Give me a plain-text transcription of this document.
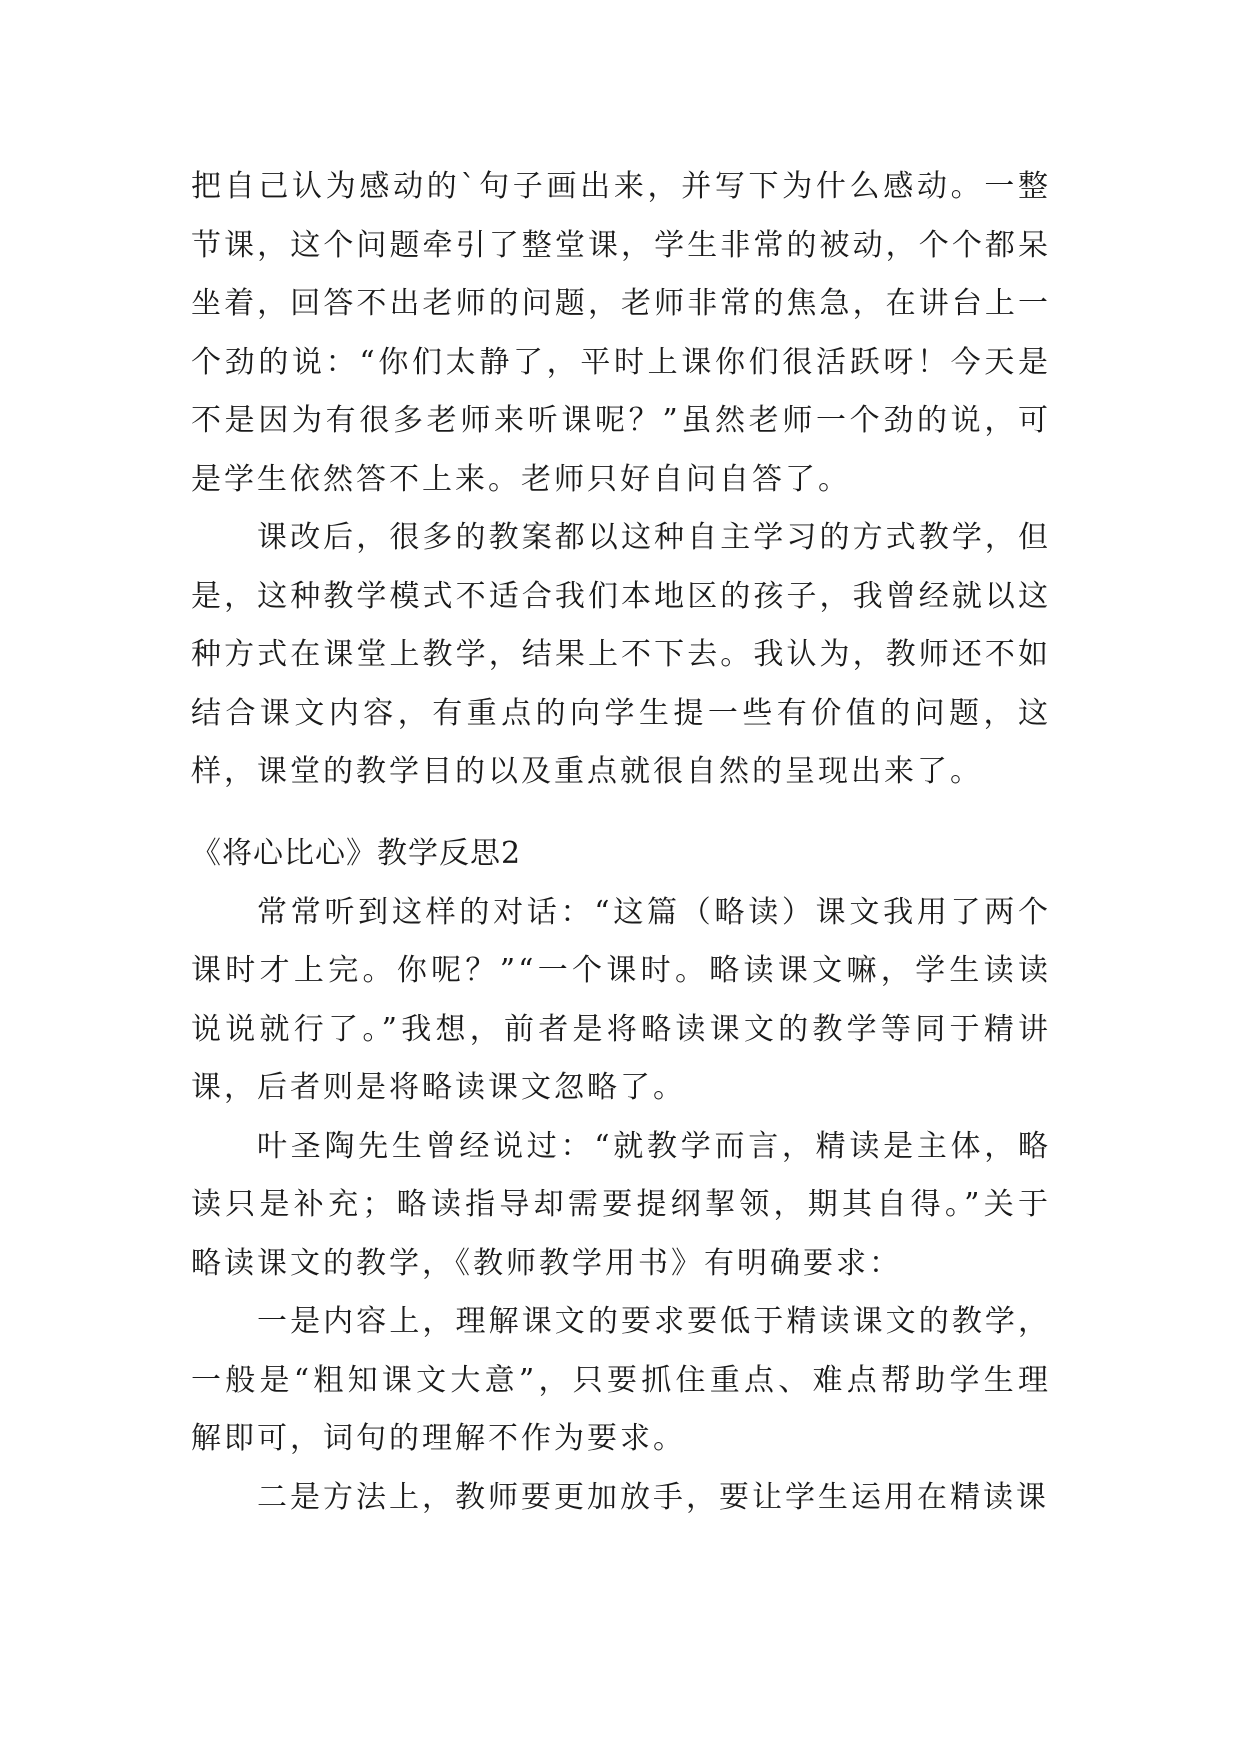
把自己认为感动的`句子画出来，并写下为什么感动。一整节课，这个问题牵引了整堂课，学生非常的被动，个个都呆坐着，回答不出老师的问题，老师非常的焦急，在讲台上一个劲的说：“你们太静了，平时上课你们很活跃呀！今天是不是因为有很多老师来听课呢？”虽然老师一个劲的说，可是学生依然答不上来。老师只好自问自答了。

课改后，很多的教案都以这种自主学习的方式教学，但是，这种教学模式不适合我们本地区的孩子，我曾经就以这种方式在课堂上教学，结果上不下去。我认为，教师还不如结合课文内容，有重点的向学生提一些有价值的问题，这样，课堂的教学目的以及重点就很自然的呈现出来了。

《将心比心》教学反思2

常常听到这样的对话：“这篇（略读）课文我用了两个课时才上完。你呢？”“一个课时。略读课文嘛，学生读读说说就行了。”我想，前者是将略读课文的教学等同于精讲课，后者则是将略读课文忽略了。

叶圣陶先生曾经说过：“就教学而言，精读是主体，略读只是补充；略读指导却需要提纲挈领，期其自得。”关于略读课文的教学，《教师教学用书》有明确要求：

一是内容上，理解课文的要求要低于精读课文的教学，一般是“粗知课文大意”，只要抓住重点、难点帮助学生理解即可，词句的理解不作为要求。

二是方法上，教师要更加放手，要让学生运用在精读课
